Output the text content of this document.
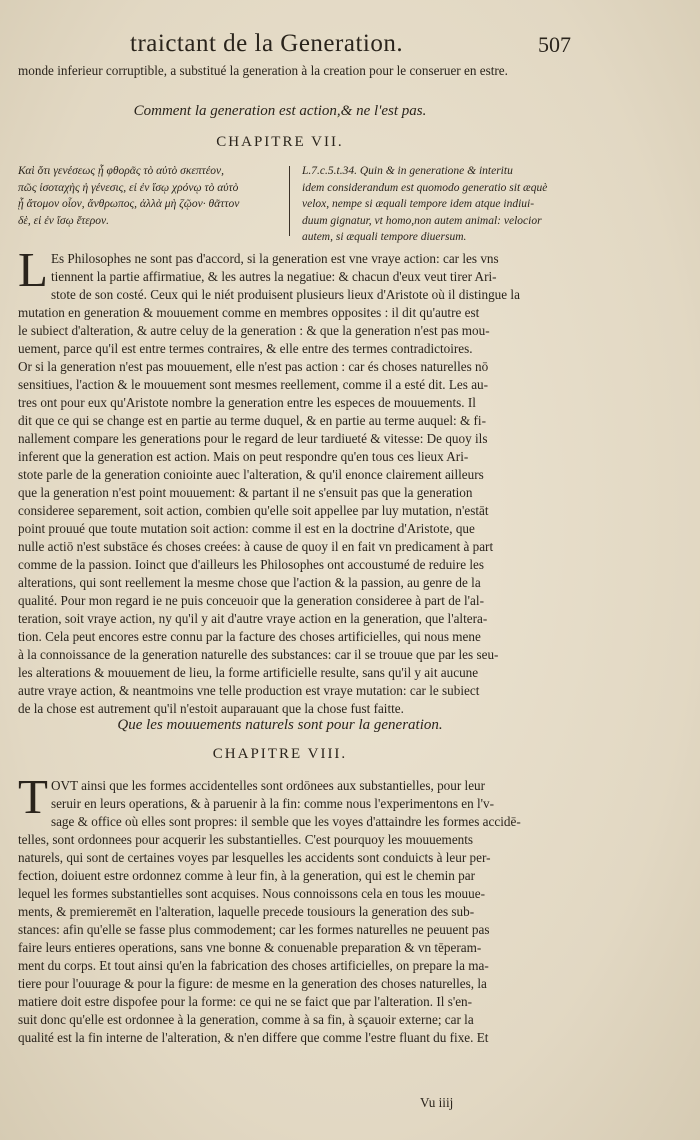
traictant de la Generation.	507

monde inferieur corruptible, a substitué la generation à la creation pour le conseruer en estre.

Comment la generation est action,& ne l'est pas.

CHAPITRE VII.

Καὶ ὅτι γενέσεως ᾗ φθορᾶς τὸ αὐτὸ σκεπτέον,
πῶς ἰσοταχὴς ἡ γένεσις, εἰ ἐν ἴσῳ χρόνῳ τὸ αὐτὸ
ᾗ ἄτομον οἷον, ἄνθρωπος, ἀλλὰ μὴ ζῷον· θᾶττον
δὲ, εἰ ἐν ἴσῳ ἕτερον.
L.7.c.5.t.34. Quin & in generatione & interitu
idem considerandum est quomodo generatio sit æquè
velox, nempe si æquali tempore idem atque indiui-
duum gignatur, vt homo,non autem animal: velocior
autem, si æquali tempore diuersum.
L Es Philosophes ne sont pas d'accord, si la generation est vne vraye action: car les vns
tiennent la partie affirmatiue, & les autres la negatiue: & chacun d'eux veut tirer Ari-
stote de son costé. Ceux qui le niét produisent plusieurs lieux d'Aristote où il distingue la
mutation en generation & mouuement comme en membres opposites : il dit qu'autre est
le subiect d'alteration, & autre celuy de la generation : & que la generation n'est pas mou-
uement, parce qu'il est entre termes contraires, & elle entre des termes contradictoires.
Or si la generation n'est pas mouuement, elle n'est pas action : car és choses naturelles nō
sensitiues, l'action & le mouuement sont mesmes reellement, comme il a esté dit. Les au-
tres ont pour eux qu'Aristote nombre la generation entre les especes de mouuements. Il
dit que ce qui se change est en partie au terme duquel, & en partie au terme auquel: & fi-
nallement compare les generations pour le regard de leur tardiueté & vitesse: De quoy ils
inferent que la generation est action. Mais on peut respondre qu'en tous ces lieux Ari-
stote parle de la generation coniointe auec l'alteration, & qu'il enonce clairement ailleurs
que la generation n'est point mouuement: & partant il ne s'ensuit pas que la generation
consideree separement, soit action, combien qu'elle soit appellee par luy mutation, n'estāt
point prouué que toute mutation soit action: comme il est en la doctrine d'Aristote, que
nulle actiō n'est substāce és choses creées: à cause de quoy il en fait vn predicament à part
comme de la passion. Ioinct que d'ailleurs les Philosophes ont accoustumé de reduire les
alterations, qui sont reellement la mesme chose que l'action & la passion, au genre de la
qualité. Pour mon regard ie ne puis conceuoir que la generation consideree à part de l'al-
teration, soit vraye action, ny qu'il y ait d'autre vraye action en la generation, que l'altera-
tion. Cela peut encores estre connu par la facture des choses artificielles, qui nous mene
à la connoissance de la generation naturelle des substances: car il se trouue que par les seu-
les alterations & mouuement de lieu, la forme artificielle resulte, sans qu'il y ait aucune
autre vraye action, & neantmoins vne telle production est vraye mutation: car le subiect
de la chose est autrement qu'il n'estoit auparauant que la chose fust faitte.

Que les mouuements naturels sont pour la generation.

CHAPITRE VIII.

T OVT ainsi que les formes accidentelles sont ordōnees aux substantielles, pour leur
seruir en leurs operations, & à paruenir à la fin: comme nous l'experimentons en l'v-
sage & office où elles sont propres: il semble que les voyes d'attaindre les formes accidē-
telles, sont ordonnees pour acquerir les substantielles. C'est pourquoy les mouuements
naturels, qui sont de certaines voyes par lesquelles les accidents sont conduicts à leur per-
fection, doiuent estre ordonnez comme à leur fin, à la generation, qui est le chemin par
lequel les formes substantielles sont acquises. Nous connoissons cela en tous les mouue-
ments, & premieremēt en l'alteration, laquelle precede tousiours la generation des sub-
stances: afin qu'elle se fasse plus commodement; car les formes naturelles ne peuuent pas
faire leurs entieres operations, sans vne bonne & conuenable preparation & vn tēperam-
ment du corps. Et tout ainsi qu'en la fabrication des choses artificielles, on prepare la ma-
tiere pour l'ouurage & pour la figure: de mesme en la generation des choses naturelles, la
matiere doit estre dispofee pour la forme: ce qui ne se faict que par l'alteration. Il s'en-
suit donc qu'elle est ordonnee à la generation, comme à sa fin, à sçauoir externe; car la
qualité est la fin interne de l'alteration, & n'en differe que comme l'estre fluant du fixe. Et
Vu iiij
